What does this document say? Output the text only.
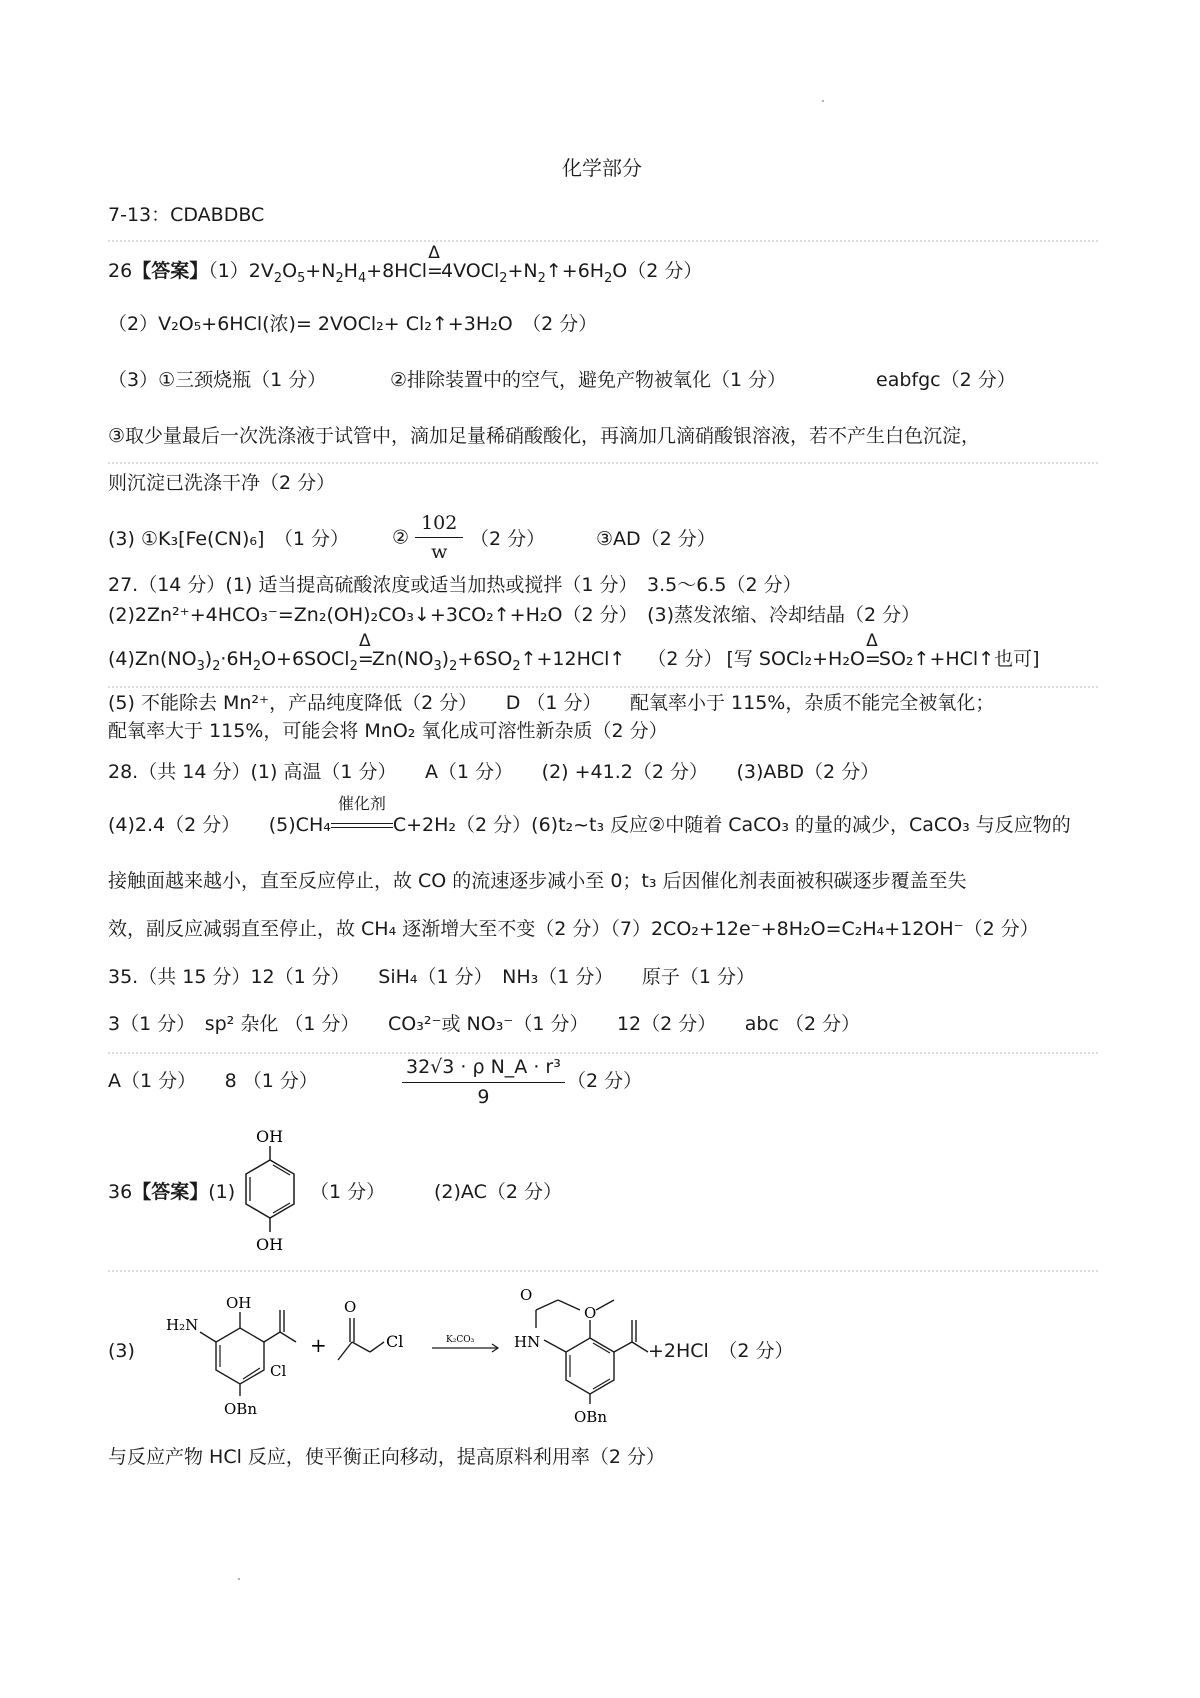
化学部分
7-13：CDABDBC
26【答案】$(1)2V_2O_5+N_2H_4+8HCl$
Δ
$=4VOCl_2+N_2↑+6H_2O(2$ 分）
（2）V₂O₅+6HCl(浓)= 2VOCl₂+ Cl₂↑+3H₂O　（2 分）
（3）①三颈烧瓶（1 分）	②排除装置中的空气，避免产物被氧化（1 分）	eabfgc（2 分）
③取少量最后一次洗涤液于试管中，滴加足量稀硝酸酸化，再滴加几滴硝酸银溶液，若不产生白色沉淀，
则沉淀已洗涤干净（2 分）
(3) ①K₃[Fe(CN)₆]　（1 分） ② $\frac{102}{w} (2$ 分）	③AD（2 分）
27.（14 分）(1) 适当提高硫酸浓度或适当加热或搅拌（1 分）　3.5～6.5（2 分）
(2)2Zn²⁺+4HCO₃⁻=Zn₂(OH)₂CO₃↓+3CO₂↑+H₂O（2 分）　(3)蒸发浓缩、冷却结晶（2 分）
$(4)Zn(NO_3)_2\cdot 6H_2O+6SOCl_2$
Δ
$=Zn(NO_3)_2+6SO_2↑+12HCl↑$ （2 分） [写 SOCl₂+H₂O
Δ
=SO₂↑+HCl↑也可]
(5) 不能除去 Mn²⁺，产品纯度降低（2 分）　　D （1 分）　　配氧率小于 115%，杂质不能完全被氧化；
配氧率大于 115%，可能会将 MnO₂ 氧化成可溶性新杂质（2 分）
28.（共 14 分）(1) 高温（1 分）　　A（1 分）　　(2) +41.2（2 分）　　(3)ABD（2 分）
(4)2.4（2 分）　　(5)CH₄
催化剂
C+2H₂（2 分）(6)t₂~t₃ 反应②中随着 CaCO₃ 的量的减少，CaCO₃ 与反应物的
接触面越来越小，直至反应停止，故 CO 的流速逐步减小至 0；t₃ 后因催化剂表面被积碳逐步覆盖至失
效，副反应减弱直至停止，故 CH₄ 逐渐增大至不变（2 分）（7）2CO₂+12e⁻+8H₂O=C₂H₄+12OH⁻（2 分）
35.（共 15 分）12（1 分）　　SiH₄（1 分）　NH₃（1 分）　　原子（1 分）
3（1 分）　sp² 杂化 （1 分）　　CO₃²⁻或 NO₃⁻（1 分）　　12（2 分）　　abc （2 分）
A（1 分）　　8 （1 分）	$\frac{\text{32√3 · ρ N\_A · r³}}{9} (2$ 分）
36【答案】(1)
OH
OH
（1 分）	(2)AC（2 分）
(3)
OH
H₂N
OBn
+
O
Cl
Cl	K₂CO₃
O
HN
O
OBn
+2HCl　（2 分）
与反应产物 HCl 反应，使平衡正向移动，提高原料利用率（2 分）
